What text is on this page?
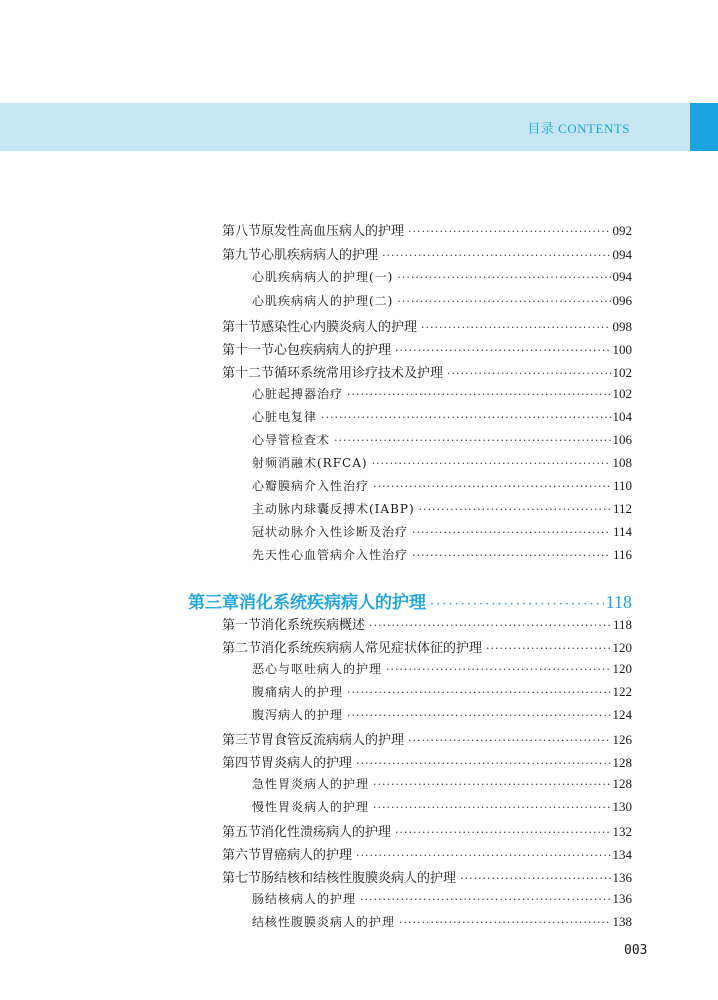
目录 CONTENTS
第八节 原发性高血压病人的护理 ·····	092
第九节 心肌疾病病人的护理 ·····	094
心肌疾病病人的护理(一) ·····	094
心肌疾病病人的护理(二) ·····	096
第十节 感染性心内膜炎病人的护理 ·····	098
第十一节 心包疾病病人的护理 ·····	100
第十二节 循环系统常用诊疗技术及护理 ·····	102
心脏起搏器治疗 ·····	102
心脏电复律 ·····	104
心导管检查术 ·····	106
射频消融术(RFCA) ·····	108
心瓣膜病介入性治疗 ·····	110
主动脉内球囊反搏术(IABP) ·····	112
冠状动脉介入性诊断及治疗 ·····	114
先天性心血管病介入性治疗 ·····	116
第三章 消化系统疾病病人的护理 ·····	118
第一节 消化系统疾病概述 ·····	118
第二节 消化系统疾病病人常见症状体征的护理 ·····	120
恶心与呕吐病人的护理 ·····	120
腹痛病人的护理 ·····	122
腹泻病人的护理 ·····	124
第三节 胃食管反流病病人的护理 ·····	126
第四节 胃炎病人的护理 ·····	128
急性胃炎病人的护理 ·····	128
慢性胃炎病人的护理 ·····	130
第五节 消化性溃疡病人的护理 ·····	132
第六节 胃癌病人的护理 ·····	134
第七节 肠结核和结核性腹膜炎病人的护理 ·····	136
肠结核病人的护理 ·····	136
结核性腹膜炎病人的护理 ·····	138
003
